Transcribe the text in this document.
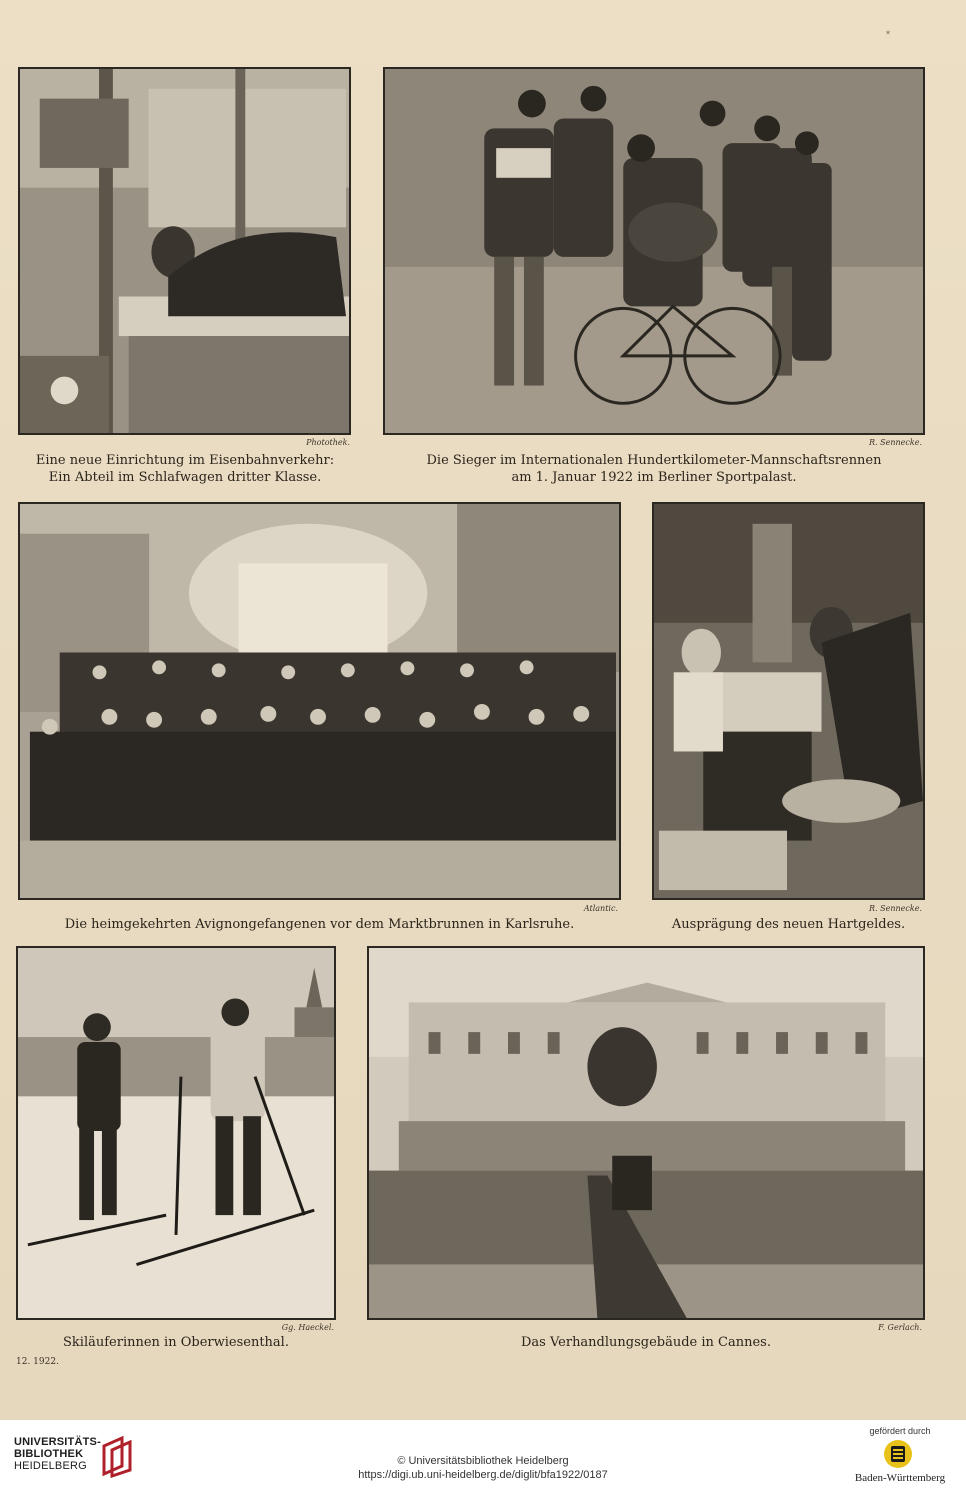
*
Photothek.
Eine neue Einrichtung im Eisenbahnverkehr:
Ein Abteil im Schlafwagen dritter Klasse.
R. Sennecke.
Die Sieger im Internationalen Hundertkilometer-Mannschaftsrennen
am 1. Januar 1922 im Berliner Sportpalast.
Atlantic.
Die heimgekehrten Avignongefangenen vor dem Marktbrunnen in Karlsruhe.
R. Sennecke.
Ausprägung des neuen Hartgeldes.
Gg. Haeckel.
Skiläuferinnen in Oberwiesenthal.
F. Gerlach.
Das Verhandlungsgebäude in Cannes.
12. 1922.
UNIVERSITÄTS-
BIBLIOTHEK
HEIDELBERG	© Universitätsbibliothek Heidelberg
https://digi.ub.uni-heidelberg.de/diglit/bfa1922/0187
gefördert durch
Baden-Württemberg
